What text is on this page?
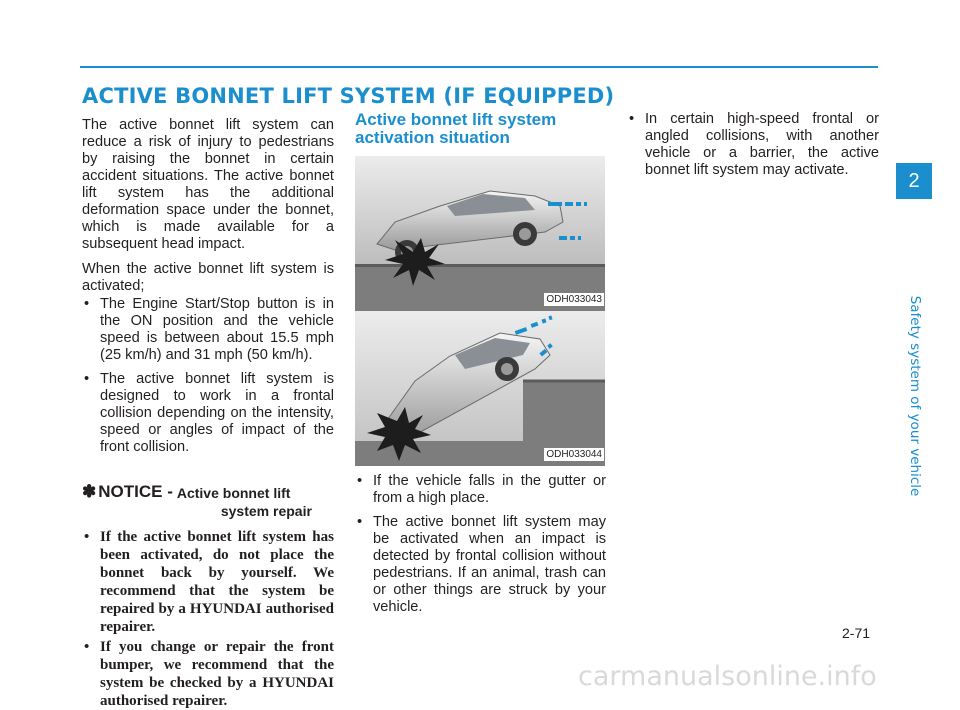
ACTIVE BONNET LIFT SYSTEM (IF EQUIPPED)

The active bonnet lift system can reduce a risk of injury to pedestrians by raising the bonnet in certain accident situations. The active bonnet lift system has the additional deformation space under the bonnet, which is made available for a subsequent head impact.

When the active bonnet lift system is activated;

• The Engine Start/Stop button is in the ON position and the vehicle speed is between about 15.5 mph (25 km/h) and 31 mph (50 km/h).
• The active bonnet lift system is designed to work in a frontal collision depending on the intensity, speed or angles of impact of the front collision.
✽ NOTICE - Active bonnet lift
system repair
• If the active bonnet lift system has been activated, do not place the bonnet back by yourself. We recommend that the system be repaired by a HYUNDAI authorised repairer.
• If you change or repair the front bumper, we recommend that the system be checked by a HYUNDAI authorised repairer.
Active bonnet lift system activation situation
ODH033043
ODH033044
• If the vehicle falls in the gutter or from a high place.
• The active bonnet lift system may be activated when an impact is detected by frontal collision without pedestrians. If an animal, trash can or other things are struck by your vehicle.
• In certain high-speed frontal or angled collisions, with another vehicle or a barrier, the active bonnet lift system may activate.	2
Safety system of your vehicle
2-71
carmanualsonline.info
